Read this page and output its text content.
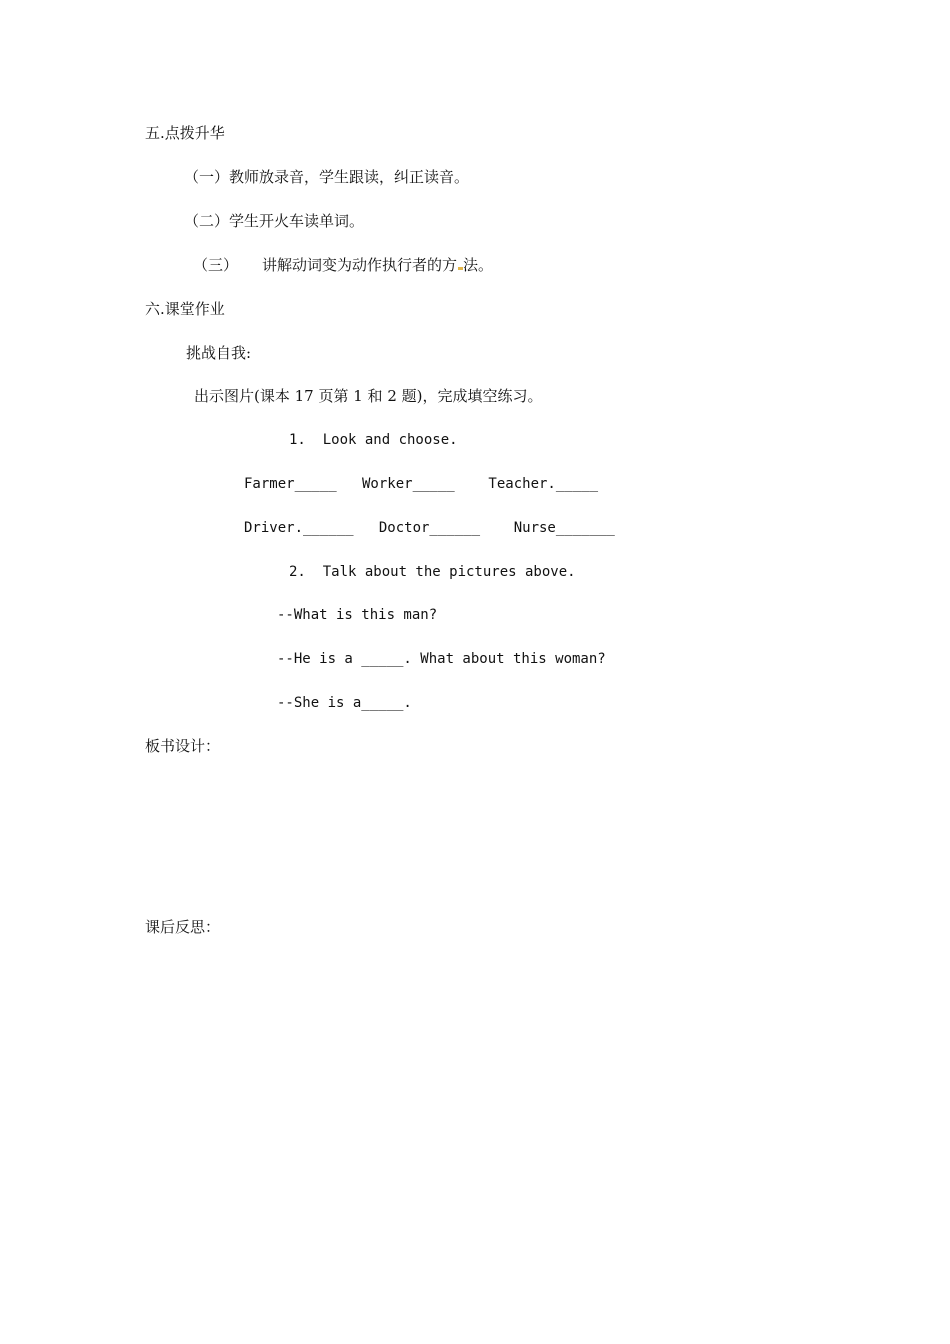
五.点拨升华

（一）教师放录音，学生跟读，纠正读音。

（二）学生开火车读单词。

（三） 讲解动词变为动作执行者的方 法。

六.课堂作业

挑战自我:

出示图片(课本 17 页第 1 和 2 题)，完成填空练习。

1.  Look and choose.

Farmer_____   Worker_____    Teacher._____

Driver.______   Doctor______    Nurse_______

2.  Talk about the pictures above.

--What is this man?

--He is a _____. What about this woman?

--She is a_____.

板书设计：

课后反思：
